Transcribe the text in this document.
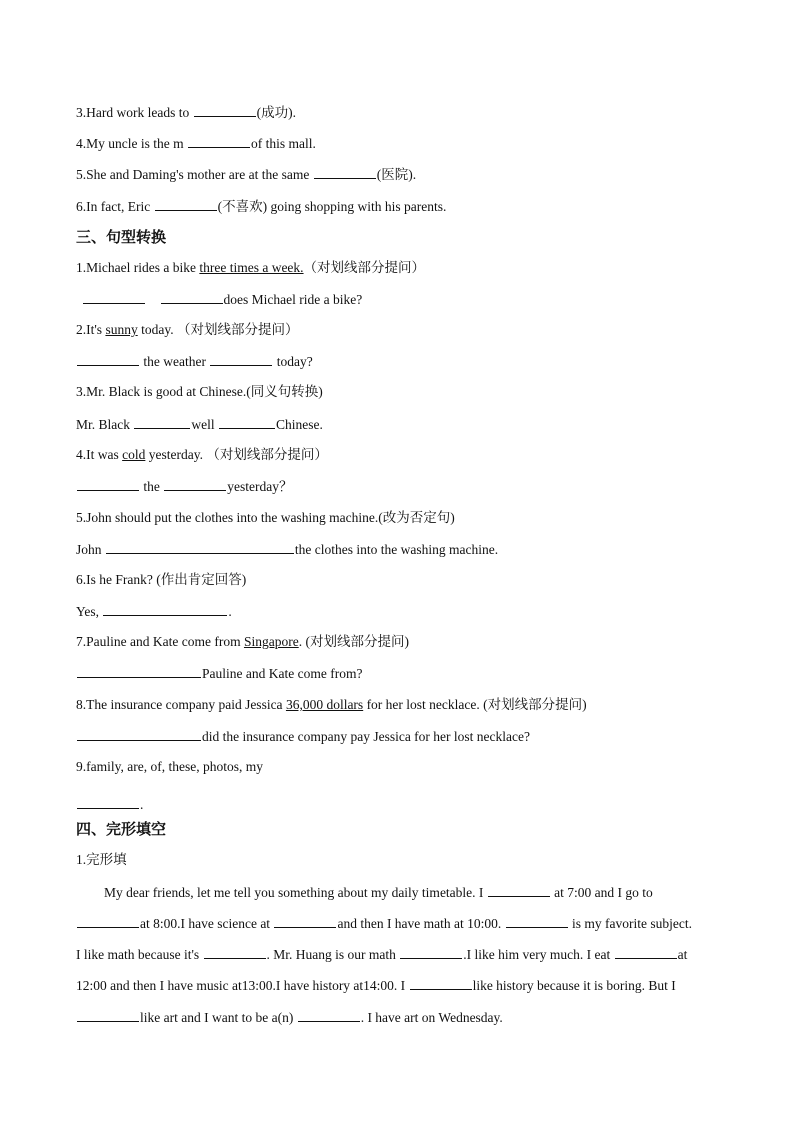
3.Hard work leads to	(成功).
4.My uncle is the m	of this mall.
5.She and Daming's mother are at the same	(医院).
6.In fact, Eric	(不喜欢) going shopping with his parents.
三、句型转换
1.Michael rides a bike three times a week.（对划线部分提问）
does Michael ride a bike?
2.It's sunny today. （对划线部分提问）
the weather	today?
3.Mr. Black is good at Chinese.(同义句转换)
Mr. Black	well	Chinese.
4.It was cold yesterday. （对划线部分提问）
the	yesterday？
5.John should put the clothes into the washing machine.(改为否定句)
John	the clothes into the washing machine.
6.Is he Frank? (作出肯定回答)
Yes,	.
7.Pauline and Kate come from Singapore. (对划线部分提问)
Pauline and Kate come from?
8.The insurance company paid Jessica 36,000 dollars for her lost necklace. (对划线部分提问)
did the insurance company pay Jessica for her lost necklace?
9.family, are, of, these, photos, my
.
四、完形填空
1.完形填
My dear friends, let me tell you something about my daily timetable. I	at 7:00 and I go to
at 8:00.I have science at	and then I have math at 10:00.	is my favorite subject.
I like math because it's	. Mr. Huang is our math	.I like him very much. I eat	at
12:00 and then I have music at13:00.I have history at14:00. I	like history because it is boring. But I
like art and I want to be a(n)	. I have art on Wednesday.
